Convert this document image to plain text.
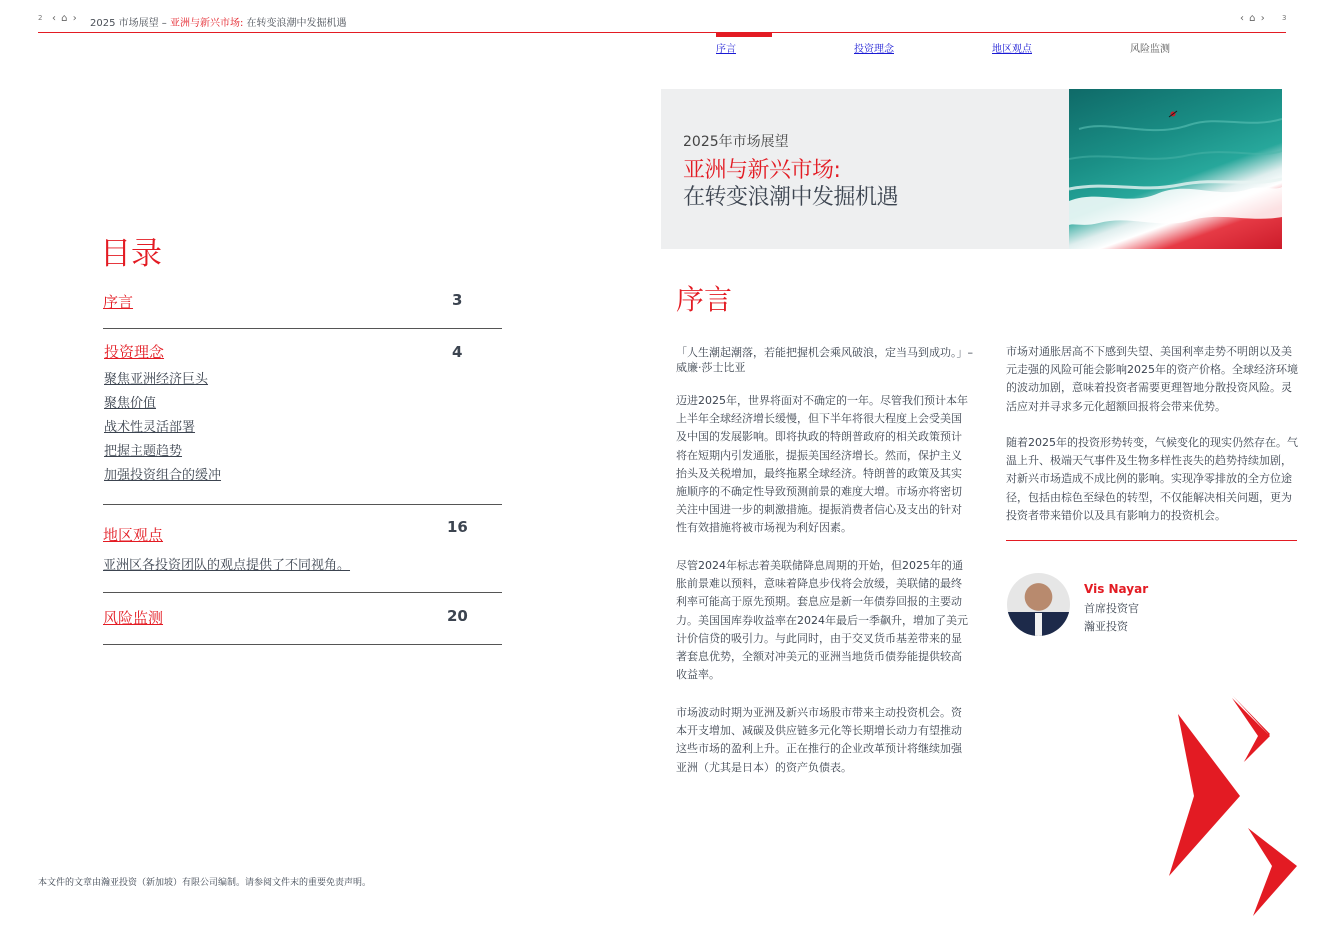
2 ‹ ⌂ › 2025 市场展望 – 亚洲与新兴市场: 在转变浪潮中发掘机遇	‹ ⌂ › 3
序言	投资理念	地区观点	风险监测
2025年市场展望
亚洲与新兴市场:
在转变浪潮中发掘机遇
目录
序言	3
投资理念	4
聚焦亚洲经济巨头
聚焦价值
战术性灵活部署
把握主题趋势
加强投资组合的缓冲
地区观点	16
亚洲区各投资团队的观点提供了不同视角。
风险监测	20
序言
「人生潮起潮落，若能把握机会乘风破浪，定当马到成功。」– 威廉·莎士比亚

迈进2025年，世界将面对不确定的一年。尽管我们预计本年上半年全球经济增长缓慢，但下半年将很大程度上会受美国及中国的发展影响。即将执政的特朗普政府的相关政策预计将在短期内引发通胀，提振美国经济增长。然而，保护主义抬头及关税增加，最终拖累全球经济。特朗普的政策及其实施顺序的不确定性导致预测前景的难度大增。市场亦将密切关注中国进一步的刺激措施。提振消费者信心及支出的针对性有效措施将被市场视为利好因素。

尽管2024年标志着美联储降息周期的开始，但2025年的通胀前景难以预料，意味着降息步伐将会放缓，美联储的最终利率可能高于原先预期。套息应是新一年债券回报的主要动力。美国国库券收益率在2024年最后一季飙升，增加了美元计价信贷的吸引力。与此同时，由于交叉货币基差带来的显著套息优势，全额对冲美元的亚洲当地货币债券能提供较高收益率。

市场波动时期为亚洲及新兴市场股市带来主动投资机会。资本开支增加、减碳及供应链多元化等长期增长动力有望推动这些市场的盈利上升。正在推行的企业改革预计将继续加强亚洲（尤其是日本）的资产负债表。

市场对通胀居高不下感到失望、美国利率走势不明朗以及美元走强的风险可能会影响2025年的资产价格。全球经济环境的波动加剧，意味着投资者需要更理智地分散投资风险。灵活应对并寻求多元化超额回报将会带来优势。

随着2025年的投资形势转变，气候变化的现实仍然存在。气温上升、极端天气事件及生物多样性丧失的趋势持续加剧，对新兴市场造成不成比例的影响。实现净零排放的全方位途径，包括由棕色至绿色的转型，不仅能解决相关问题，更为投资者带来错价以及具有影响力的投资机会。

Vis Nayar
首席投资官
瀚亚投资
本文件的文章由瀚亚投资（新加坡）有限公司编制。请参阅文件末的重要免责声明。
